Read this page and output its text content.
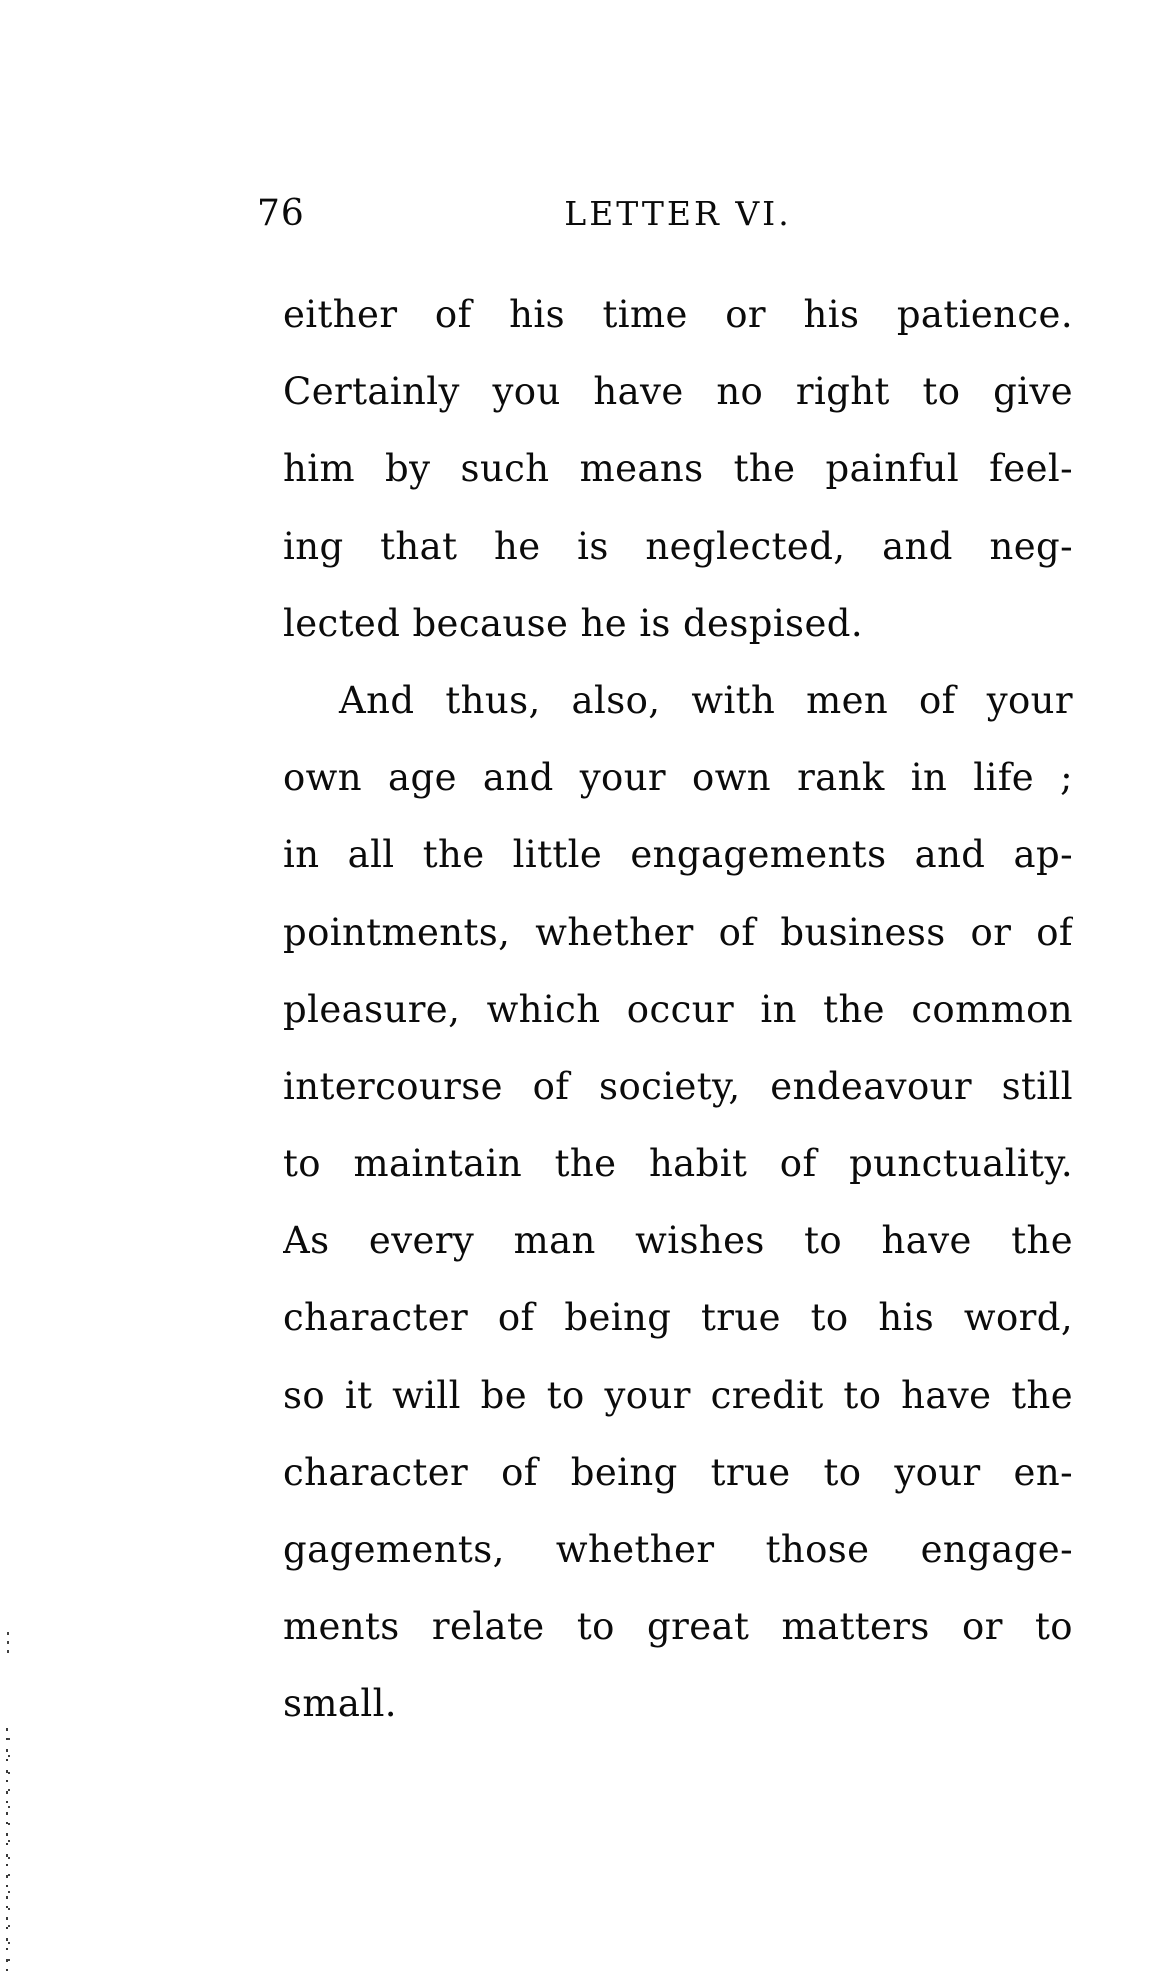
76	LETTER VI.
either of his time or his patience.
Certainly you have no right to give
him by such means the painful feel-
ing that he is neglected, and neg-
lected because he is despised.
And thus, also, with men of your
own age and your own rank in life ;
in all the little engagements and ap-
pointments, whether of business or of
pleasure, which occur in the common
intercourse of society, endeavour still
to maintain the habit of punctuality.
As every man wishes to have the
character of being true to his word,
so it will be to your credit to have the
character of being true to your en-
gagements, whether those engage-
ments relate to great matters or to
small.
